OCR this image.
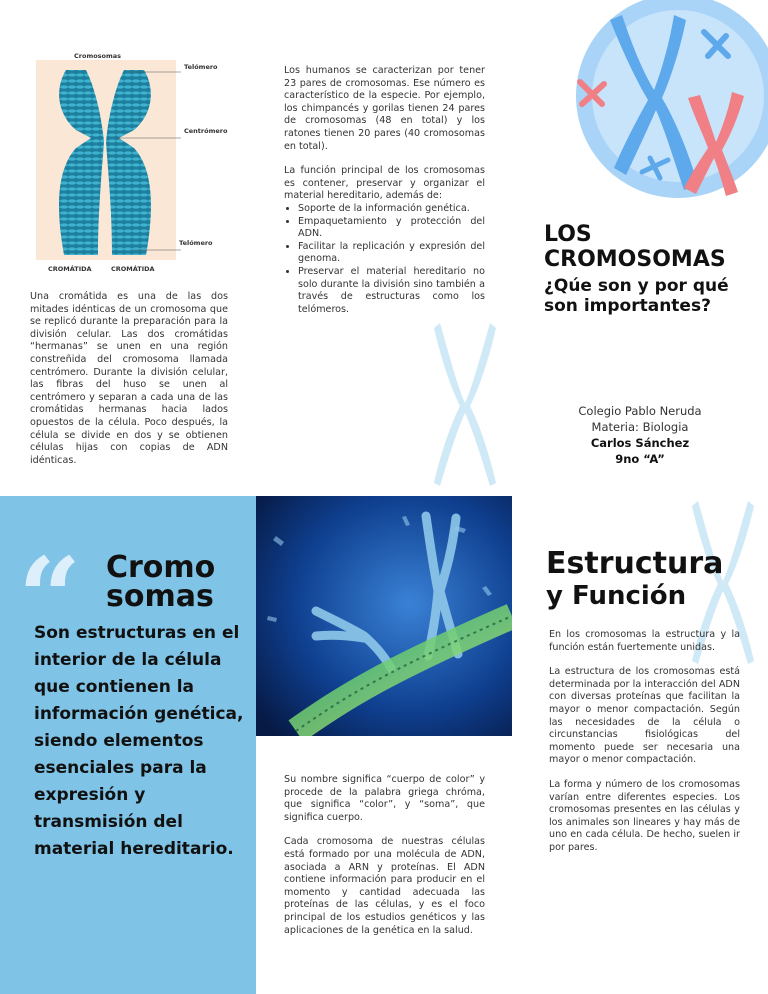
Cromosomas
Telómero
Centrómero
Telómero
CROMÁTIDA	CROMÁTIDA
Una cromátida es una de las dos mitades idénticas de un cromosoma que se replicó durante la preparación para la división celular. Las dos cromátidas “hermanas” se unen en una región constreñida del cromosoma llamada centrómero. Durante la división celular, las fibras del huso se unen al centrómero y separan a cada una de las cromátidas hermanas hacia lados opuestos de la célula. Poco después, la célula se divide en dos y se obtienen células hijas con copias de ADN idénticas.

Los humanos se caracterizan por tener 23 pares de cromosomas. Ese número es característico de la especie. Por ejemplo, los chimpancés y gorilas tienen 24 pares de cromosomas (48 en total) y los ratones tienen 20 pares (40 cromosomas en total).

La función principal de los cromosomas es contener, preservar y organizar el material hereditario, además de:

• Soporte de la información genética.
• Empaquetamiento y protección del ADN.
• Facilitar la replicación y expresión del genoma.
• Preservar el material hereditario no solo durante la división sino también a través de estructuras como los telómeros.
LOS
CROMOSOMAS
¿Qúe son y por qué son importantes?
Colegio Pablo Neruda
Materia: Biologia
Carlos Sánchez
9no “A”
“ Cromo
somas
Son estructuras en el interior de la célula que contienen la información genética, siendo elementos esenciales para la expresión y transmisión del material hereditario.

Su nombre significa “cuerpo de color” y procede de la palabra griega chróma, que significa “color”, y “soma”, que significa cuerpo.

Cada cromosoma de nuestras células está formado por una molécula de ADN, asociada a ARN y proteínas. El ADN contiene información para producir en el momento y cantidad adecuada las proteínas de las células, y es el foco principal de los estudios genéticos y las aplicaciones de la genética en la salud.

Estructura
y Función

En los cromosomas la estructura y la función están fuertemente unidas.

La estructura de los cromosomas está determinada por la interacción del ADN con diversas proteínas que facilitan la mayor o menor compactación. Según las necesidades de la célula o circunstancias fisiológicas del momento puede ser necesaria una mayor o menor compactación.

La forma y número de los cromosomas varían entre diferentes especies. Los cromosomas presentes en las células y los animales son lineares y hay más de uno en cada célula. De hecho, suelen ir por pares.
